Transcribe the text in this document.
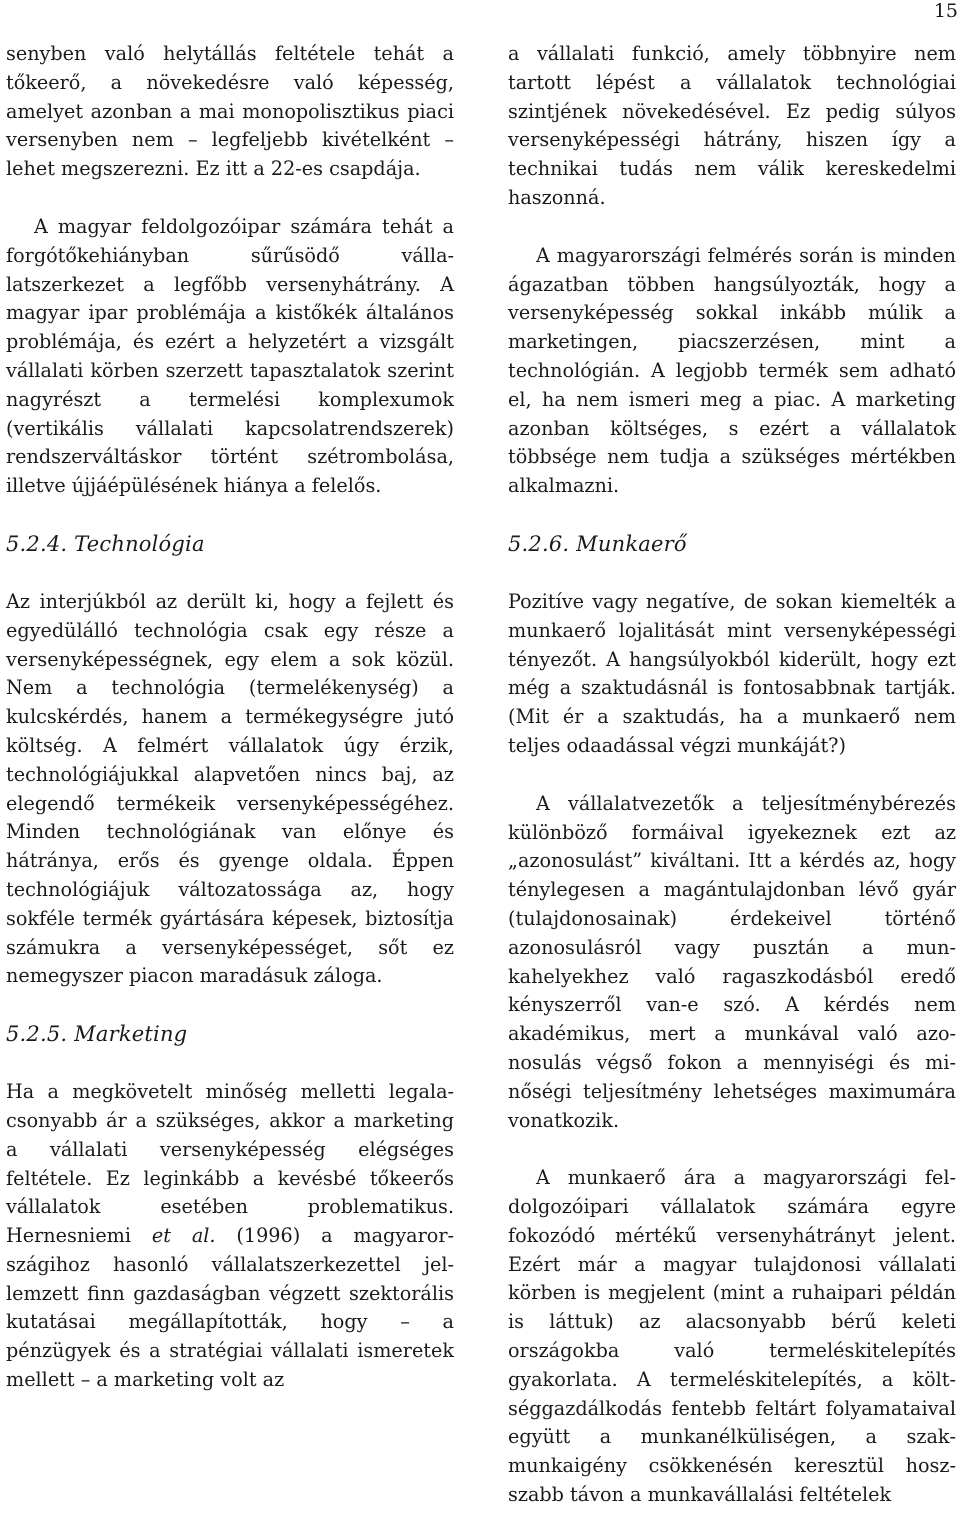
15

senyben való helytállás feltétele tehát a tőkeerő, a növekedésre való képesség, amelyet azonban a mai monopolisztikus piaci versenyben nem – legfeljebb kivételként – lehet megszerezni. Ez itt a 22-es csapdája.

A magyar feldolgozóipar számára tehát a forgótőkehiányban sűrűsödő vállalatszerkezet a legfőbb versenyhátrány. A magyar ipar problémája a kistőkék általános problémája, és ezért a helyzetért a vizsgált vállalati körben szerzett tapasztalatok szerint nagyrészt a termelési komplexumok (vertikális vállalati kapcsolatrendszerek) rendszerváltáskor történt szétrombolása, illetve újjáépülésének hiánya a felelős.

5.2.4. Technológia

Az interjúkból az derült ki, hogy a fejlett és egyedülálló technológia csak egy része a versenyképességnek, egy elem a sok közül. Nem a technológia (termelékenység) a kulcskérdés, hanem a termékegységre jutó költség. A felmért vállalatok úgy érzik, technológiájukkal alapvetően nincs baj, az elegendő termékeik versenyképességéhez. Minden technológiának van előnye és hátránya, erős és gyenge oldala. Éppen technológiájuk változatossága az, hogy sokféle termék gyártására képesek, biztosítja számukra a versenyképességet, sőt ez nemegyszer piacon maradásuk záloga.

5.2.5. Marketing

Ha a megkövetelt minőség melletti legalacsonyabb ár a szükséges, akkor a marketing a vállalati versenyképesség elégséges feltétele. Ez leginkább a kevésbé tőkeerős vállalatok esetében problematikus. Hernesniemi et al. (1996) a magyarországihoz hasonló vállalatszerkezettel jellemzett finn gazdaságban végzett szektorális kutatásai megállapították, hogy – a pénzügyek és a stratégiai vállalati ismeretek mellett – a marketing volt az

a vállalati funkció, amely többnyire nem tartott lépést a vállalatok technológiai szintjének növekedésével. Ez pedig súlyos versenyképességi hátrány, hiszen így a technikai tudás nem válik kereskedelmi haszonná.

A magyarországi felmérés során is minden ágazatban többen hangsúlyozták, hogy a versenyképesség sokkal inkább múlik a marketingen, piacszerzésen, mint a technológián. A legjobb termék sem adható el, ha nem ismeri meg a piac. A marketing azonban költséges, s ezért a vállalatok többsége nem tudja a szükséges mértékben alkalmazni.

5.2.6. Munkaerő

Pozitíve vagy negatíve, de sokan kiemelték a munkaerő lojalitását mint versenyképességi tényezőt. A hangsúlyokból kiderült, hogy ezt még a szaktudásnál is fontosabbnak tartják. (Mit ér a szaktudás, ha a munkaerő nem teljes odaadással végzi munkáját?)

A vállalatvezetők a teljesítménybérezés különböző formáival igyekeznek ezt az „azonosulást” kiváltani. Itt a kérdés az, hogy ténylegesen a magántulajdonban lévő gyár (tulajdonosainak) érdekeivel történő azonosulásról vagy pusztán a munkahelyekhez való ragaszkodásból eredő kényszerről van-e szó. A kérdés nem akadémikus, mert a munkával való azonosulás végső fokon a mennyiségi és minőségi teljesítmény lehetséges maximumára vonatkozik.

A munkaerő ára a magyarországi feldolgozóipari vállalatok számára egyre fokozódó mértékű versenyhátrányt jelent. Ezért már a magyar tulajdonosi vállalati körben is megjelent (mint a ruhaipari példán is láttuk) az alacsonyabb bérű keleti országokba való termeléskitelepítés gyakorlata. A termeléskitelepítés, a költséggazdálkodás fentebb feltárt folyamataival együtt a munkanélküliségen, a szakmunkaigény csökkenésén keresztül hoszszabb távon a munkavállalási feltételek
